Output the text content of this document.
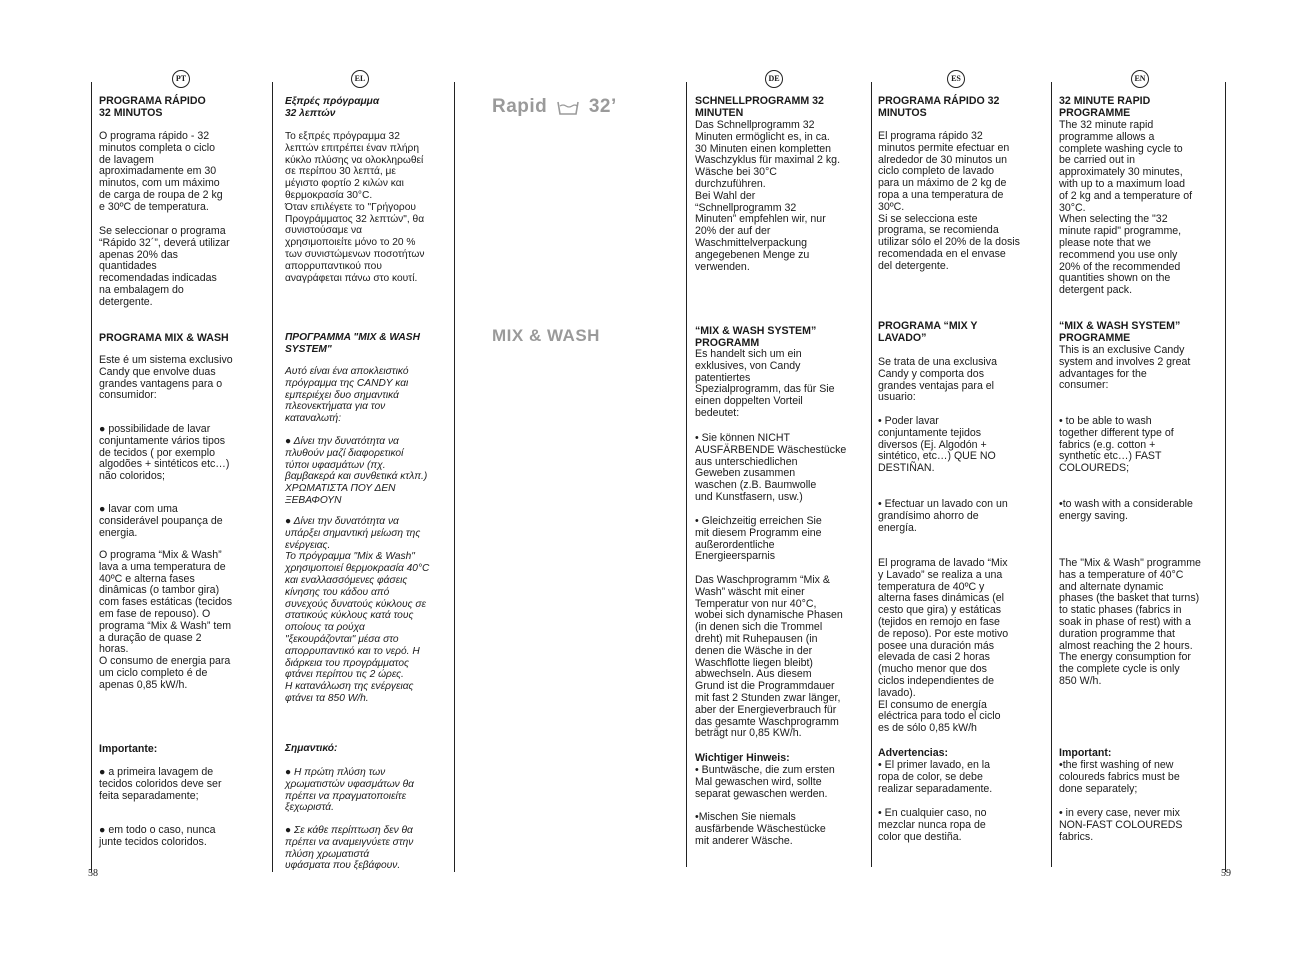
PT	EL	DE	ES	EN
Rapid 32’
MIX & WASH
PROGRAMA RÁPIDO
32 MINUTOS
O programa rápido - 32
minutos completa o ciclo
de lavagem
aproximadamente em 30
minutos, com um máximo
de carga de roupa de 2 kg
e 30ºC de temperatura.
Se seleccionar o programa
“Rápido 32´”, deverá utilizar
apenas 20% das
quantidades
recomendadas indicadas
na embalagem do
detergente.
PROGRAMA MIX & WASH
Este é um sistema exclusivo
Candy que envolve duas
grandes vantagens para o
consumidor:
● possibilidade de lavar
conjuntamente vários tipos
de tecidos ( por exemplo
algodões + sintéticos etc…)
não coloridos;
● lavar com uma
considerável poupança de
energia.
O programa “Mix & Wash”
lava a uma temperatura de
40ºC e alterna fases
dinâmicas (o tambor gira)
com fases estáticas (tecidos
em fase de repouso). O
programa “Mix & Wash” tem
a duração de quase 2
horas.
O consumo de energia para
um ciclo completo é de
apenas 0,85 kW/h.
Importante:
● a primeira lavagem de
tecidos coloridos deve ser
feita separadamente;
● em todo o caso, nunca
junte tecidos coloridos.
Εξπρές πρόγραμμα
32 λεπτών
Το εξπρές πρόγραμμα 32
λεπτών επιτρέπει έναν πλήρη
κύκλο πλύσης να ολοκληρωθεί
σε περίπου 30 λεπτά, με
μέγιστο φορτίο 2 κιλών και
θερμοκρασία 30°C.
Όταν επιλέγετε το "Γρήγορου
Προγράμματος 32 λεπτών", θα
συνιστούσαμε να
χρησιμοποιείτε μόνο το 20 %
των συνιστώμενων ποσοτήτων
απορρυπαντικού που
αναγράφεται πάνω στο κουτί.
ΠΡΟΓΡΑΜΜΑ "MIX & WASH
SYSTEM"
Αυτό είναι ένα αποκλειστικό
πρόγραμμα της CANDY και
εμπεριέχει δυο σημαντικά
πλεονεκτήματα για τον
καταναλωτή:
● Δίνει την δυνατότητα να
πλυθούν μαζί διαφορετικοί
τύποι υφασμάτων (πχ.
βαμβακερά και συνθετικά κτλπ.)
ΧΡΩΜΑΤΙΣΤΑ ΠΟΥ ΔΕΝ
ΞΕΒΑΦΟΥΝ
● Δίνει την δυνατότητα να
υπάρξει σημαντική μείωση της
ενέργειας.
Το πρόγραμμα "Mix & Wash"
χρησιμοποιεί θερμοκρασία 40°C
και εναλλασσόμενες φάσεις
κίνησης του κάδου από
συνεχούς δυνατούς κύκλους σε
στατικούς κύκλους κατά τους
οποίους τα ρούχα
"ξεκουράζονται" μέσα στο
απορρυπαντικό και το νερό. Η
διάρκεια του προγράμματος
φτάνει περίπου τις 2 ώρες.
Η κατανάλωση της ενέργειας
φτάνει τα 850 W/h.
Σημαντικό:
● Η πρώτη πλύση των
χρωματιστών υφασμάτων θα
πρέπει να πραγματοποιείτε
ξεχωριστά.
● Σε κάθε περίπτωση δεν θα
πρέπει να αναμειγνύετε στην
πλύση χρωματιστά
υφάσματα που ξεβάφουν.
SCHNELLPROGRAMM 32
MINUTEN
Das Schnellprogramm 32
Minuten ermöglicht es, in ca.
30 Minuten einen kompletten
Waschzyklus für maximal 2 kg.
Wäsche bei 30°C
durchzuführen.
Bei Wahl der
“Schnellprogramm 32
Minuten” empfehlen wir, nur
20% der auf der
Waschmittelverpackung
angegebenen Menge zu
verwenden.
“MIX & WASH SYSTEM”
PROGRAMM
Es handelt sich um ein
exklusives, von Candy
patentiertes
Spezialprogramm, das für Sie
einen doppelten Vorteil
bedeutet:
• Sie können NICHT
AUSFÄRBENDE Wäschestücke
aus unterschiedlichen
Geweben zusammen
waschen (z.B. Baumwolle
und Kunstfasern, usw.)
• Gleichzeitig erreichen Sie
mit diesem Programm eine
außerordentliche
Energieersparnis
Das Waschprogramm “Mix &
Wash” wäscht mit einer
Temperatur von nur 40°C,
wobei sich dynamische Phasen
(in denen sich die Trommel
dreht) mit Ruhepausen (in
denen die Wäsche in der
Waschflotte liegen bleibt)
abwechseln. Aus diesem
Grund ist die Programmdauer
mit fast 2 Stunden zwar länger,
aber der Energieverbrauch für
das gesamte Waschprogramm
beträgt nur 0,85 KW/h.
Wichtiger Hinweis:
• Buntwäsche, die zum ersten
Mal gewaschen wird, sollte
separat gewaschen werden.
•Mischen Sie niemals
ausfärbende Wäschestücke
mit anderer Wäsche.
PROGRAMA RÁPIDO 32
MINUTOS
El programa rápido 32
minutos permite efectuar en
alrededor de 30 minutos un
ciclo completo de lavado
para un máximo de 2 kg de
ropa a una temperatura de
30ºC.
Si se selecciona este
programa, se recomienda
utilizar sólo el 20% de la dosis
recomendada en el envase
del detergente.
PROGRAMA “MIX Y
LAVADO”
Se trata de una exclusiva
Candy y comporta dos
grandes ventajas para el
usuario:
• Poder lavar
conjuntamente tejidos
diversos (Ej. Algodón +
sintético, etc…) QUE NO
DESTIÑAN.
• Efectuar un lavado con un
grandísimo ahorro de
energía.
El programa de lavado “Mix
y Lavado” se realiza a una
temperatura de 40ºC y
alterna fases dinámicas (el
cesto que gira) y estáticas
(tejidos en remojo en fase
de reposo). Por este motivo
posee una duración más
elevada de casi 2 horas
(mucho menor que dos
ciclos independientes de
lavado).
El consumo de energía
eléctrica para todo el ciclo
es de sólo 0,85 kW/h
Advertencias:
• El primer lavado, en la
ropa de color, se debe
realizar separadamente.
• En cualquier caso, no
mezclar nunca ropa de
color que destiña.
32 MINUTE RAPID
PROGRAMME
The 32 minute rapid
programme allows a
complete washing cycle to
be carried out in
approximately 30 minutes,
with up to a maximum load
of 2 kg and a temperature of
30°C.
When selecting the "32
minute rapid" programme,
please note that we
recommend you use only
20% of the recommended
quantities shown on the
detergent pack.
“MIX & WASH SYSTEM”
PROGRAMME
This is an exclusive Candy
system and involves 2 great
advantages for the
consumer:
• to be able to wash
together different type of
fabrics (e.g. cotton +
synthetic etc…) FAST
COLOUREDS;
•to wash with a considerable
energy saving.
The "Mix & Wash" programme
has a temperature of 40°C
and alternate dynamic
phases (the basket that turns)
to static phases (fabrics in
soak in phase of rest) with a
duration programme that
almost reaching the 2 hours.
The energy consumption for
the complete cycle is only
850 W/h.
Important:
•the first washing of new
coloureds fabrics must be
done separately;
• in every case, never mix
NON-FAST COLOUREDS
fabrics.
58	59
